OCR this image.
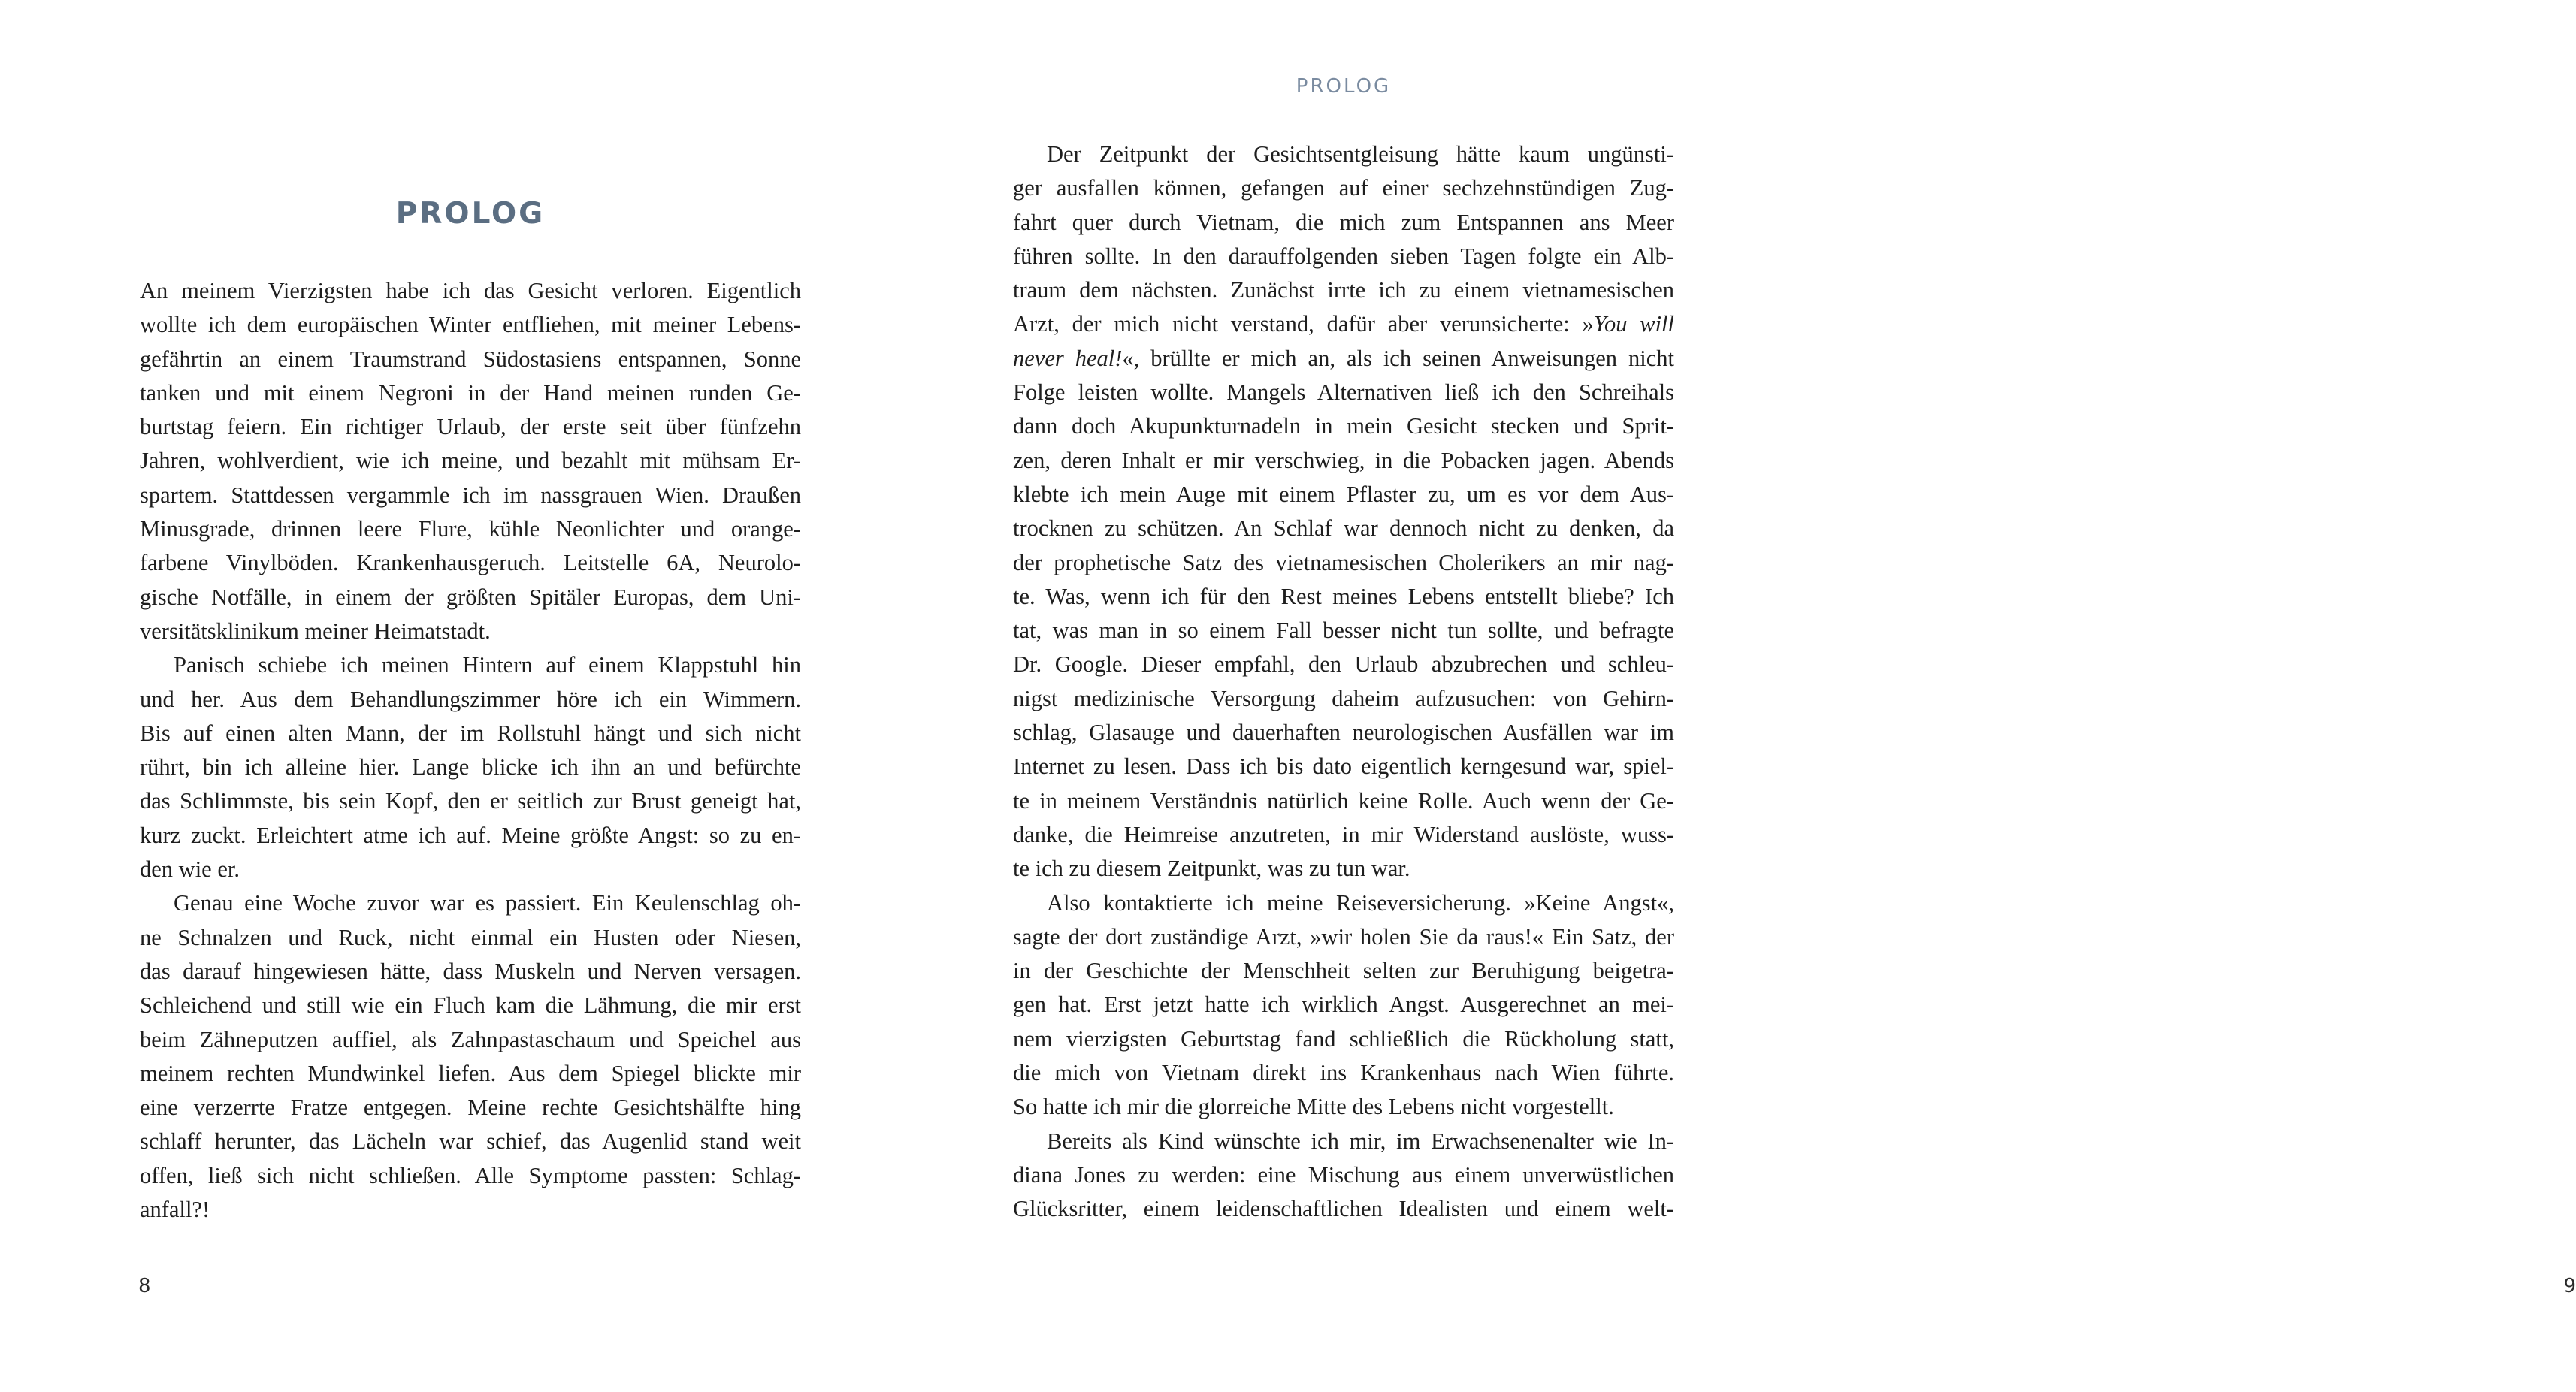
PROLOG
An meinem Vierzigsten habe ich das Gesicht verloren. Eigentlich
wollte ich dem europäischen Winter entfliehen, mit meiner Lebens-
gefährtin an einem Traumstrand Südostasiens entspannen, Sonne
tanken und mit einem Negroni in der Hand meinen runden Ge-
burtstag feiern. Ein richtiger Urlaub, der erste seit über fünfzehn
Jahren, wohlverdient, wie ich meine, und bezahlt mit mühsam Er-
spartem. Stattdessen vergammle ich im nassgrauen Wien. Draußen
Minusgrade, drinnen leere Flure, kühle Neonlichter und orange-
farbene Vinylböden. Krankenhausgeruch. Leitstelle 6A, Neurolo-
gische Notfälle, in einem der größten Spitäler Europas, dem Uni-
versitätsklinikum meiner Heimatstadt.
Panisch schiebe ich meinen Hintern auf einem Klappstuhl hin
und her. Aus dem Behandlungszimmer höre ich ein Wimmern.
Bis auf einen alten Mann, der im Rollstuhl hängt und sich nicht
rührt, bin ich alleine hier. Lange blicke ich ihn an und befürchte
das Schlimmste, bis sein Kopf, den er seitlich zur Brust geneigt hat,
kurz zuckt. Erleichtert atme ich auf. Meine größte Angst: so zu en-
den wie er.
Genau eine Woche zuvor war es passiert. Ein Keulenschlag oh-
ne Schnalzen und Ruck, nicht einmal ein Husten oder Niesen,
das darauf hingewiesen hätte, dass Muskeln und Nerven versagen.
Schleichend und still wie ein Fluch kam die Lähmung, die mir erst
beim Zähneputzen auffiel, als Zahnpastaschaum und Speichel aus
meinem rechten Mundwinkel liefen. Aus dem Spiegel blickte mir
eine verzerrte Fratze entgegen. Meine rechte Gesichtshälfte hing
schlaff herunter, das Lächeln war schief, das Augenlid stand weit
offen, ließ sich nicht schließen. Alle Symptome passten: Schlag-
anfall?!
8
PROLOG
Der Zeitpunkt der Gesichtsentgleisung hätte kaum ungünsti-
ger ausfallen können, gefangen auf einer sechzehnstündigen Zug-
fahrt quer durch Vietnam, die mich zum Entspannen ans Meer
führen sollte. In den darauffolgenden sieben Tagen folgte ein Alb-
traum dem nächsten. Zunächst irrte ich zu einem vietnamesischen
Arzt, der mich nicht verstand, dafür aber verunsicherte: »You will
never heal!«, brüllte er mich an, als ich seinen Anweisungen nicht
Folge leisten wollte. Mangels Alternativen ließ ich den Schreihals
dann doch Akupunkturnadeln in mein Gesicht stecken und Sprit-
zen, deren Inhalt er mir verschwieg, in die Pobacken jagen. Abends
klebte ich mein Auge mit einem Pflaster zu, um es vor dem Aus-
trocknen zu schützen. An Schlaf war dennoch nicht zu denken, da
der prophetische Satz des vietnamesischen Cholerikers an mir nag-
te. Was, wenn ich für den Rest meines Lebens entstellt bliebe? Ich
tat, was man in so einem Fall besser nicht tun sollte, und befragte
Dr. Google. Dieser empfahl, den Urlaub abzubrechen und schleu-
nigst medizinische Versorgung daheim aufzusuchen: von Gehirn-
schlag, Glasauge und dauerhaften neurologischen Ausfällen war im
Internet zu lesen. Dass ich bis dato eigentlich kerngesund war, spiel-
te in meinem Verständnis natürlich keine Rolle. Auch wenn der Ge-
danke, die Heimreise anzutreten, in mir Widerstand auslöste, wuss-
te ich zu diesem Zeitpunkt, was zu tun war.
Also kontaktierte ich meine Reiseversicherung. »Keine Angst«,
sagte der dort zuständige Arzt, »wir holen Sie da raus!« Ein Satz, der
in der Geschichte der Menschheit selten zur Beruhigung beigetra-
gen hat. Erst jetzt hatte ich wirklich Angst. Ausgerechnet an mei-
nem vierzigsten Geburtstag fand schließlich die Rückholung statt,
die mich von Vietnam direkt ins Krankenhaus nach Wien führte.
So hatte ich mir die glorreiche Mitte des Lebens nicht vorgestellt.
Bereits als Kind wünschte ich mir, im Erwachsenenalter wie In-
diana Jones zu werden: eine Mischung aus einem unverwüstlichen
Glücksritter, einem leidenschaftlichen Idealisten und einem welt-
9
